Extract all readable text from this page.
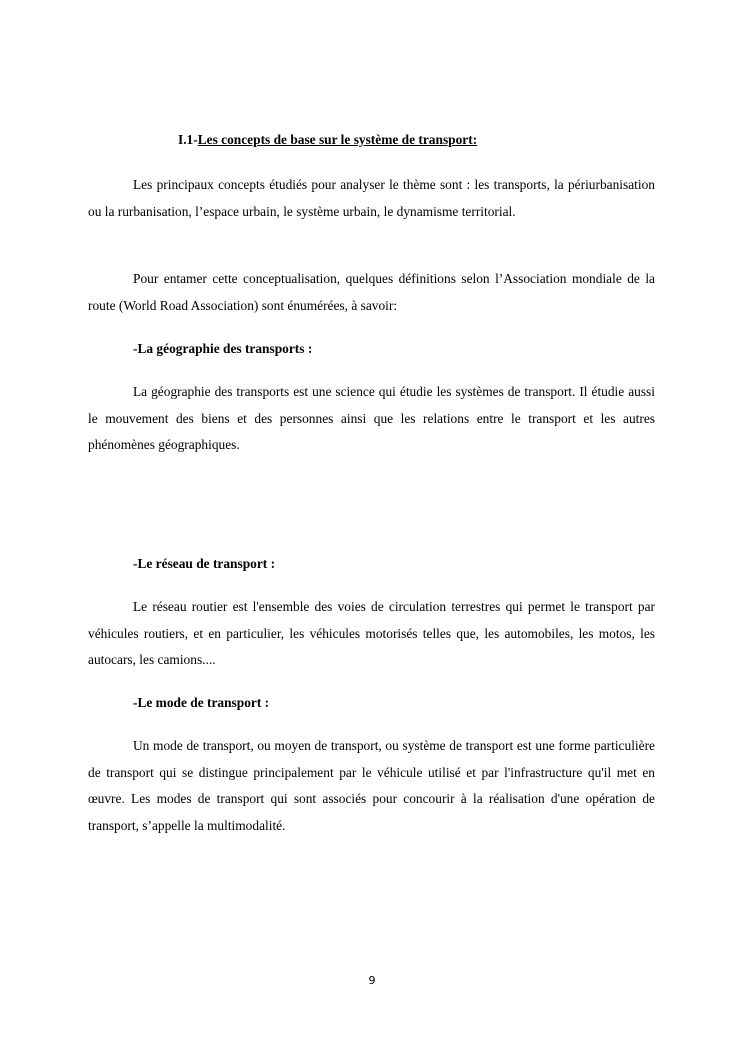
I.1-Les concepts de base sur le système de transport:

Les principaux concepts étudiés pour analyser le thème sont : les transports, la périurbanisation ou la rurbanisation, l’espace urbain, le système urbain, le dynamisme territorial.

Pour entamer cette conceptualisation, quelques définitions selon l’Association mondiale de la route (World Road Association) sont énumérées, à savoir:

-La géographie des transports :

La géographie des transports est une science qui étudie les systèmes de transport. Il étudie aussi le mouvement des biens et des personnes ainsi que les relations entre le transport et les autres phénomènes géographiques.

-Le réseau de transport :

Le réseau routier est l'ensemble des voies de circulation terrestres qui permet le transport par véhicules routiers, et en particulier, les véhicules motorisés telles que, les automobiles, les motos, les autocars, les camions....

-Le mode de transport :

Un mode de transport, ou moyen de transport, ou système de transport est une forme particulière de transport qui se distingue principalement par le véhicule utilisé et par l'infrastructure qu'il met en œuvre. Les modes de transport qui sont associés pour concourir à la réalisation d'une opération de transport, s’appelle la multimodalité.

9
